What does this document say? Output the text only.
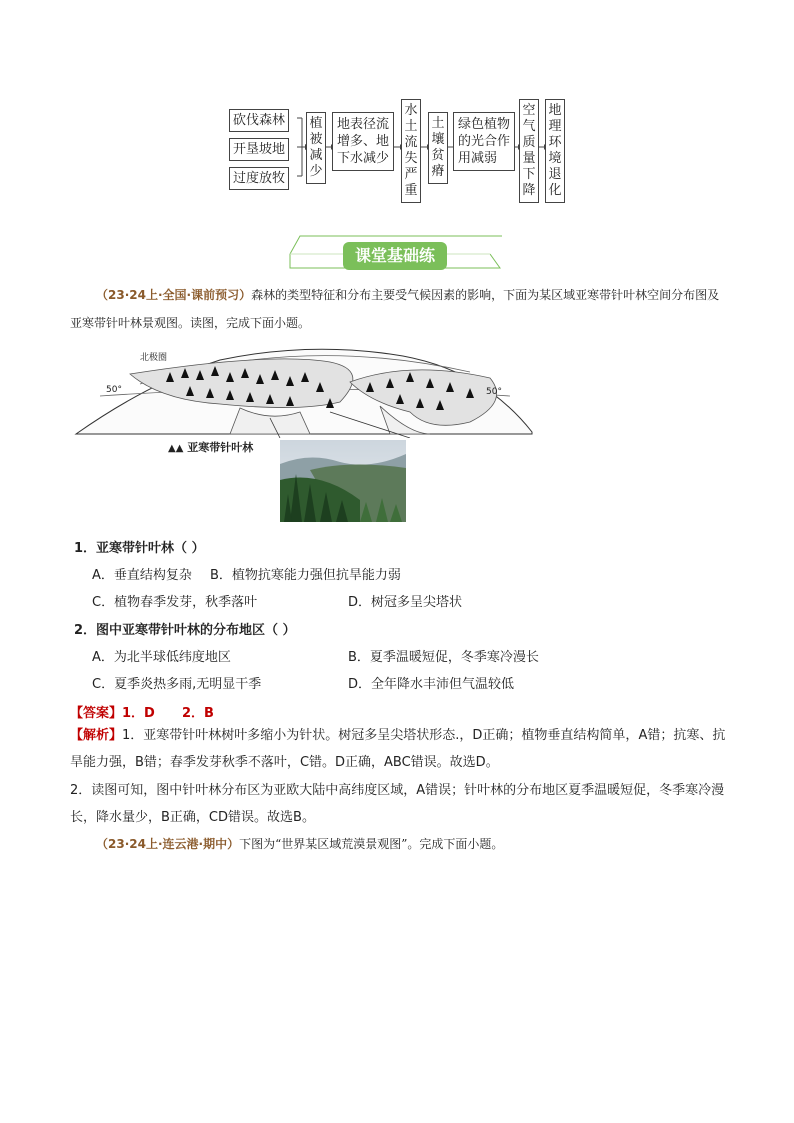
砍伐森林
开垦坡地
过度放牧
植被减少
地表径流增多、地下水减少
水土流失严重
土壤贫瘠
绿色植物的光合作用减弱
空气质量下降
地理环境退化
课堂基础练
（23·24上·全国·课前预习）森林的类型特征和分布主要受气候因素的影响，下面为某区域亚寒带针叶林空间分布图及亚寒带针叶林景观图。读图，完成下面小题。
北极圈
50°	50°
▲▲ 亚寒带针叶林
1．亚寒带针叶林（ ）
A．垂直结构复杂 B．植物抗寒能力强但抗旱能力弱
C．植物春季发芽，秋季落叶	D．树冠多呈尖塔状
2．图中亚寒带针叶林的分布地区（ ）
A．为北半球低纬度地区	B．夏季温暖短促，冬季寒冷漫长
C．夏季炎热多雨,无明显干季	D．全年降水丰沛但气温较低
【答案】1．D      2．B
【解析】1．亚寒带针叶林树叶多缩小为针状。树冠多呈尖塔状形态.，D正确；植物垂直结构简单，A错；抗寒、抗旱能力强，B错；春季发芽秋季不落叶，C错。D正确，ABC错误。故选D。
2．读图可知，图中针叶林分布区为亚欧大陆中高纬度区域，A错误；针叶林的分布地区夏季温暖短促，冬季寒冷漫长，降水量少，B正确，CD错误。故选B。
（23·24上·连云港·期中）下图为“世界某区域荒漠景观图”。完成下面小题。
